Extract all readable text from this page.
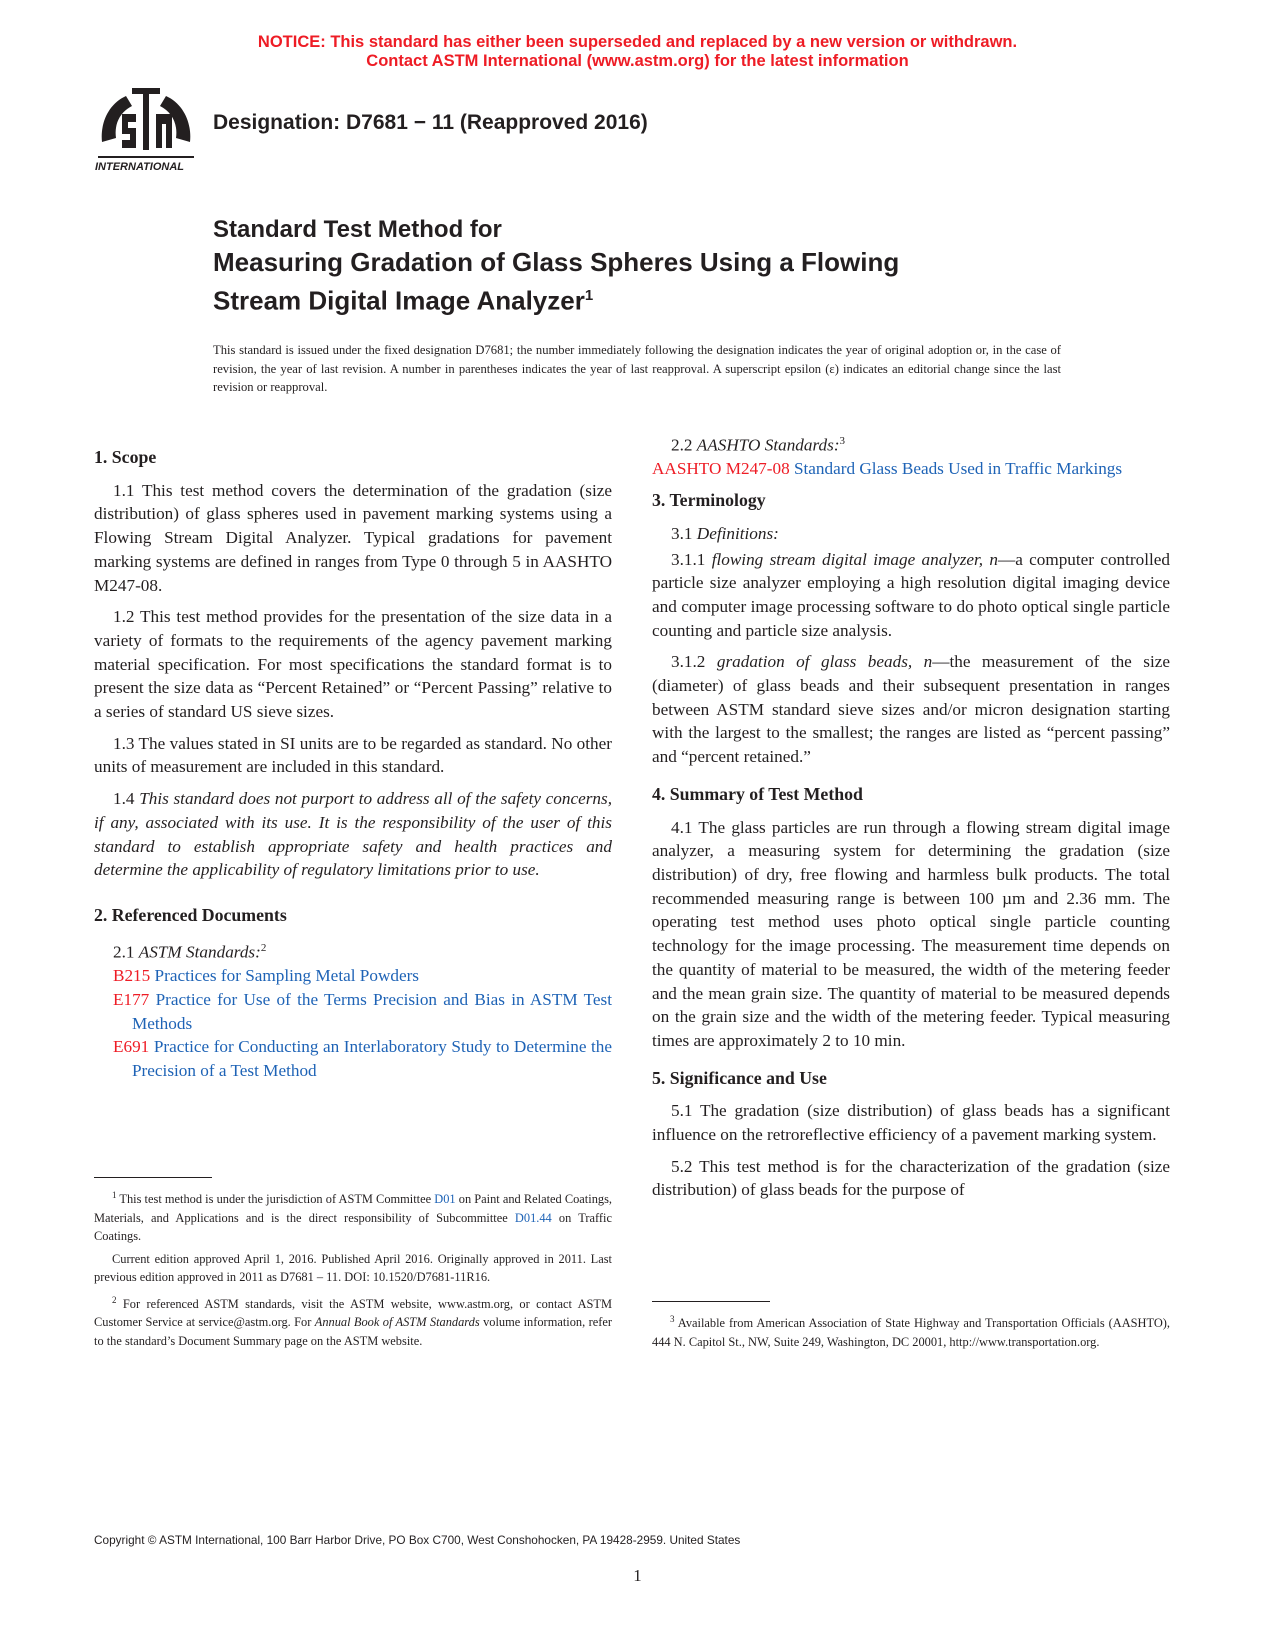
NOTICE: This standard has either been superseded and replaced by a new version or withdrawn.
Contact ASTM International (www.astm.org) for the latest information
INTERNATIONAL
Designation: D7681 − 11 (Reapproved 2016)
Standard Test Method for
Measuring Gradation of Glass Spheres Using a Flowing
Stream Digital Image Analyzer$^1$
This standard is issued under the fixed designation D7681; the number immediately following the designation indicates the year of original adoption or, in the case of revision, the year of last revision. A number in parentheses indicates the year of last reapproval. A superscript epsilon (ε) indicates an editorial change since the last revision or reapproval.
1. Scope

1.1 This test method covers the determination of the gradation (size distribution) of glass spheres used in pavement marking systems using a Flowing Stream Digital Analyzer. Typical gradations for pavement marking systems are defined in ranges from Type 0 through 5 in AASHTO M247-08.

1.2 This test method provides for the presentation of the size data in a variety of formats to the requirements of the agency pavement marking material specification. For most specifications the standard format is to present the size data as “Percent Retained” or “Percent Passing” relative to a series of standard US sieve sizes.

1.3 The values stated in SI units are to be regarded as standard. No other units of measurement are included in this standard.

1.4 This standard does not purport to address all of the safety concerns, if any, associated with its use. It is the responsibility of the user of this standard to establish appropriate safety and health practices and determine the applicability of regulatory limitations prior to use.

2. Referenced Documents

2.1 ASTM Standards:$^2$

B215 Practices for Sampling Metal Powders
E177 Practice for Use of the Terms Precision and Bias in ASTM Test Methods
E691 Practice for Conducting an Interlaboratory Study to Determine the Precision of a Test Method

$^1$ This test method is under the jurisdiction of ASTM Committee D01 on Paint and Related Coatings, Materials, and Applications and is the direct responsibility of Subcommittee D01.44 on Traffic Coatings.

Current edition approved April 1, 2016. Published April 2016. Originally approved in 2011. Last previous edition approved in 2011 as D7681 – 11. DOI: 10.1520/D7681-11R16.

$^2$ For referenced ASTM standards, visit the ASTM website, www.astm.org, or contact ASTM Customer Service at service@astm.org. For Annual Book of ASTM Standards volume information, refer to the standard’s Document Summary page on the ASTM website.

2.2 AASHTO Standards:$^3$

AASHTO M247-08 Standard Glass Beads Used in Traffic Markings
3. Terminology

3.1 Definitions:

3.1.1 flowing stream digital image analyzer, n—a computer controlled particle size analyzer employing a high resolution digital imaging device and computer image processing software to do photo optical single particle counting and particle size analysis.

3.1.2 gradation of glass beads, n—the measurement of the size (diameter) of glass beads and their subsequent presentation in ranges between ASTM standard sieve sizes and/or micron designation starting with the largest to the smallest; the ranges are listed as “percent passing” and “percent retained.”

4. Summary of Test Method

4.1 The glass particles are run through a flowing stream digital image analyzer, a measuring system for determining the gradation (size distribution) of dry, free flowing and harmless bulk products. The total recommended measuring range is between 100 µm and 2.36 mm. The operating test method uses photo optical single particle counting technology for the image processing. The measurement time depends on the quantity of material to be measured, the width of the metering feeder and the mean grain size. The quantity of material to be measured depends on the grain size and the width of the metering feeder. Typical measuring times are approximately 2 to 10 min.

5. Significance and Use

5.1 The gradation (size distribution) of glass beads has a significant influence on the retroreflective efficiency of a pavement marking system.

5.2 This test method is for the characterization of the gradation (size distribution) of glass beads for the purpose of

$^3$ Available from American Association of State Highway and Transportation Officials (AASHTO), 444 N. Capitol St., NW, Suite 249, Washington, DC 20001, http://www.transportation.org.

Copyright © ASTM International, 100 Barr Harbor Drive, PO Box C700, West Conshohocken, PA 19428-2959. United States
1
